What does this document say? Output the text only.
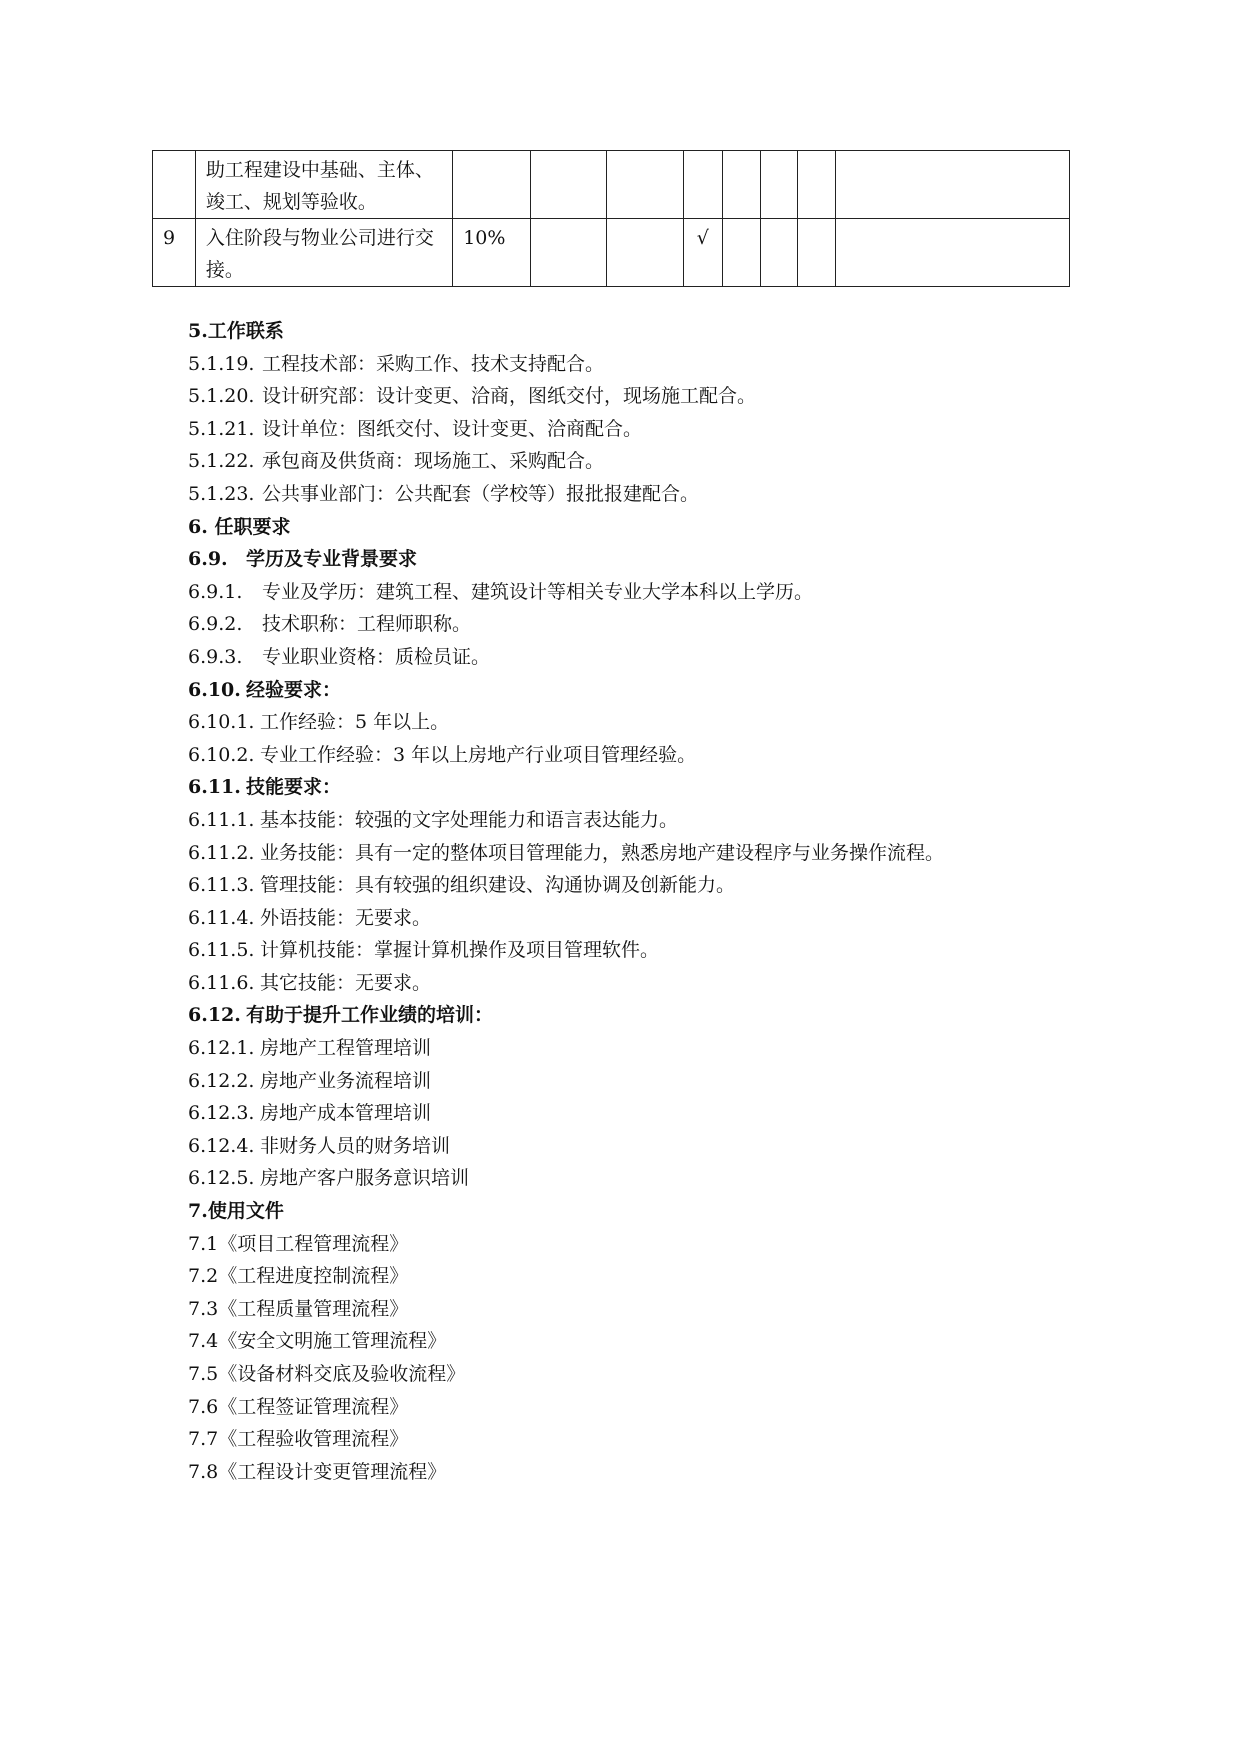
	助工程建设中基础、主体、竣工、规划等验收。								
9	入住阶段与物业公司进行交接。	10%			√				
5.工作联系
5.1.19. 工程技术部：采购工作、技术支持配合。
5.1.20. 设计研究部：设计变更、洽商，图纸交付，现场施工配合。
5.1.21. 设计单位：图纸交付、设计变更、洽商配合。
5.1.22. 承包商及供货商：现场施工、采购配合。
5.1.23. 公共事业部门：公共配套（学校等）报批报建配合。
6. 任职要求
6.9. 学历及专业背景要求
6.9.1. 专业及学历：建筑工程、建筑设计等相关专业大学本科以上学历。
6.9.2. 技术职称：工程师职称。
6.9.3. 专业职业资格：质检员证。
6.10. 经验要求：
6.10.1. 工作经验：5 年以上。
6.10.2. 专业工作经验：3 年以上房地产行业项目管理经验。
6.11. 技能要求：
6.11.1. 基本技能：较强的文字处理能力和语言表达能力。
6.11.2. 业务技能：具有一定的整体项目管理能力，熟悉房地产建设程序与业务操作流程。
6.11.3. 管理技能：具有较强的组织建设、沟通协调及创新能力。
6.11.4. 外语技能：无要求。
6.11.5. 计算机技能：掌握计算机操作及项目管理软件。
6.11.6. 其它技能：无要求。
6.12. 有助于提升工作业绩的培训：
6.12.1. 房地产工程管理培训
6.12.2. 房地产业务流程培训
6.12.3. 房地产成本管理培训
6.12.4. 非财务人员的财务培训
6.12.5. 房地产客户服务意识培训
7.使用文件
7.1《项目工程管理流程》
7.2《工程进度控制流程》
7.3《工程质量管理流程》
7.4《安全文明施工管理流程》
7.5《设备材料交底及验收流程》
7.6《工程签证管理流程》
7.7《工程验收管理流程》
7.8《工程设计变更管理流程》
